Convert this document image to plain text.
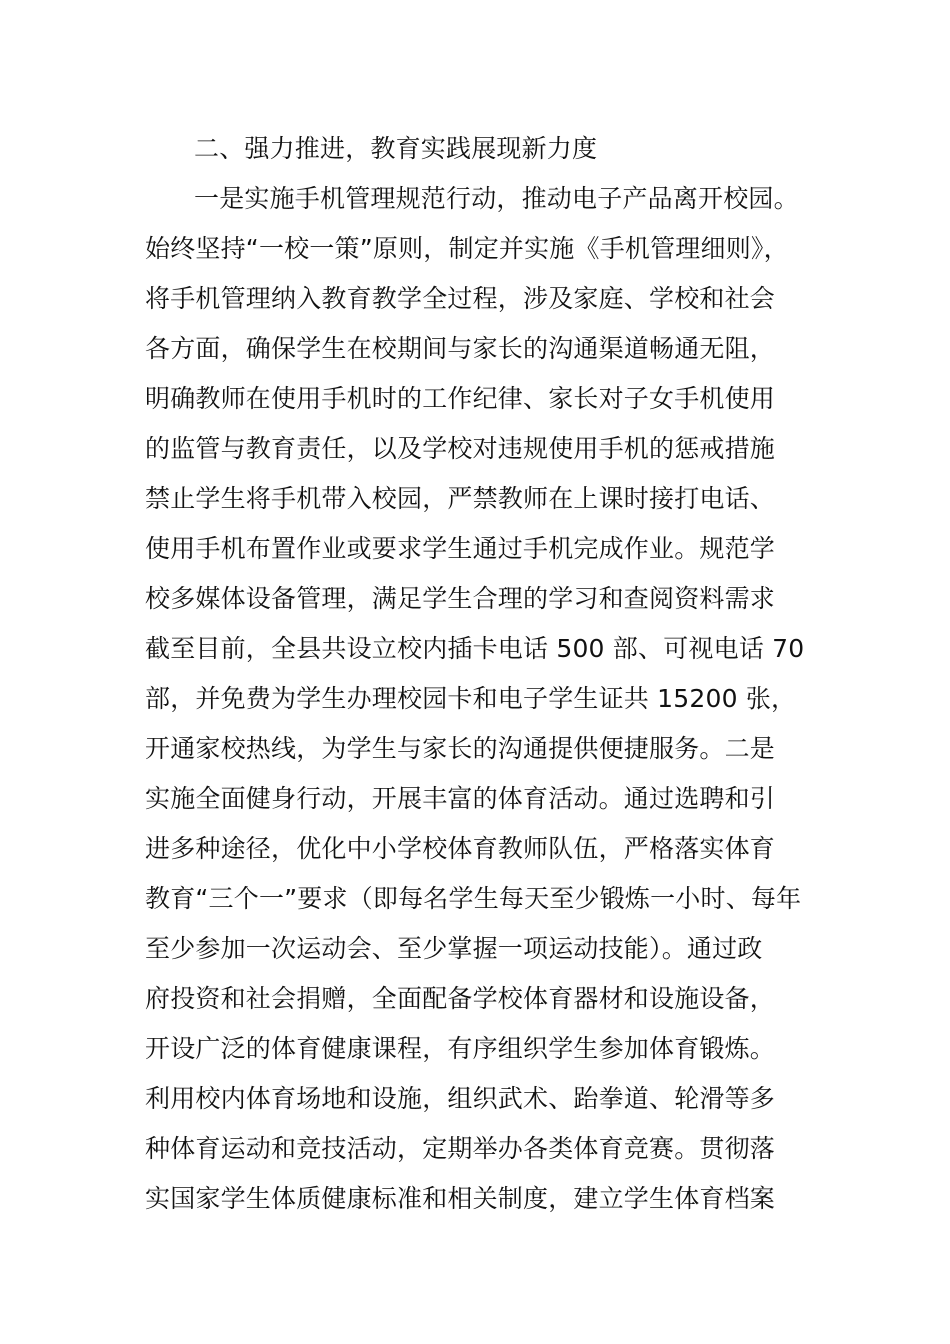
二、强力推进，教育实践展现新力度
一是实施手机管理规范行动，推动电子产品离开校园。
始终坚持“一校一策”原则，制定并实施《手机管理细则》，
将手机管理纳入教育教学全过程，涉及家庭、学校和社会
各方面，确保学生在校期间与家长的沟通渠道畅通无阻，
明确教师在使用手机时的工作纪律、家长对子女手机使用
的监管与教育责任，以及学校对违规使用手机的惩戒措施
禁止学生将手机带入校园，严禁教师在上课时接打电话、
使用手机布置作业或要求学生通过手机完成作业。规范学
校多媒体设备管理，满足学生合理的学习和查阅资料需求
截至目前，全县共设立校内插卡电话 500 部、可视电话 70
部，并免费为学生办理校园卡和电子学生证共 15200 张，
开通家校热线，为学生与家长的沟通提供便捷服务。二是
实施全面健身行动，开展丰富的体育活动。通过选聘和引
进多种途径，优化中小学校体育教师队伍，严格落实体育
教育“三个一”要求（即每名学生每天至少锻炼一小时、每年
至少参加一次运动会、至少掌握一项运动技能）。通过政
府投资和社会捐赠，全面配备学校体育器材和设施设备，
开设广泛的体育健康课程，有序组织学生参加体育锻炼。
利用校内体育场地和设施，组织武术、跆拳道、轮滑等多
种体育运动和竞技活动，定期举办各类体育竞赛。贯彻落
实国家学生体质健康标准和相关制度，建立学生体育档案
